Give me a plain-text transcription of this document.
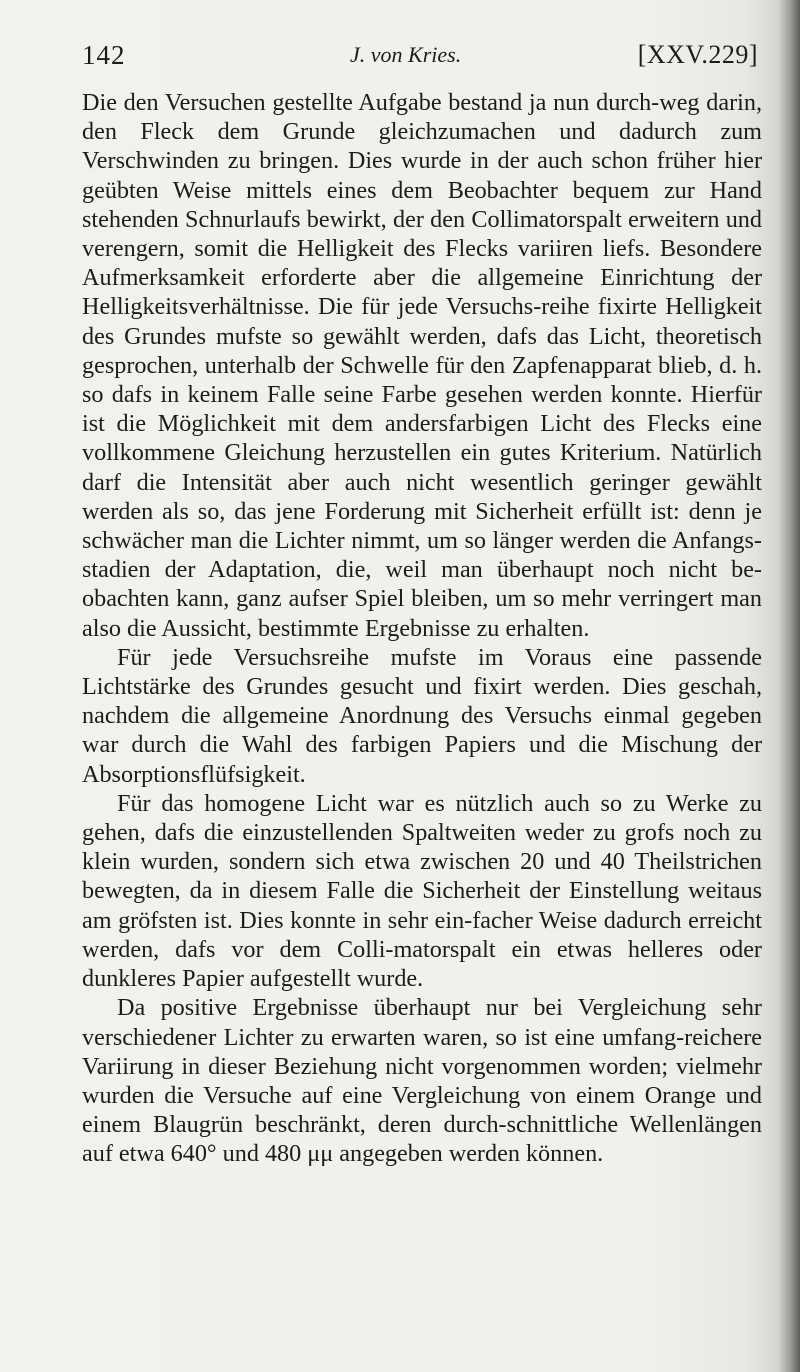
142	J. von Kries.	[XXV.229]

Die den Versuchen gestellte Aufgabe bestand ja nun durch-weg darin, den Fleck dem Grunde gleichzumachen und dadurch zum Verschwinden zu bringen. Dies wurde in der auch schon früher hier geübten Weise mittels eines dem Beobachter bequem zur Hand stehenden Schnurlaufs bewirkt, der den Collimatorspalt erweitern und verengern, somit die Helligkeit des Flecks variiren liefs. Besondere Aufmerksamkeit erforderte aber die allgemeine Einrichtung der Helligkeitsverhältnisse. Die für jede Versuchs-reihe fixirte Helligkeit des Grundes mufste so gewählt werden, dafs das Licht, theoretisch gesprochen, unterhalb der Schwelle für den Zapfenapparat blieb, d. h. so dafs in keinem Falle seine Farbe gesehen werden konnte. Hierfür ist die Möglichkeit mit dem andersfarbigen Licht des Flecks eine vollkommene Gleichung herzustellen ein gutes Kriterium. Natürlich darf die Intensität aber auch nicht wesentlich geringer gewählt werden als so, das jene Forderung mit Sicherheit erfüllt ist: denn je schwächer man die Lichter nimmt, um so länger werden die Anfangs-stadien der Adaptation, die, weil man überhaupt noch nicht be-obachten kann, ganz aufser Spiel bleiben, um so mehr verringert man also die Aussicht, bestimmte Ergebnisse zu erhalten.

Für jede Versuchsreihe mufste im Voraus eine passende Lichtstärke des Grundes gesucht und fixirt werden. Dies geschah, nachdem die allgemeine Anordnung des Versuchs einmal gegeben war durch die Wahl des farbigen Papiers und die Mischung der Absorptionsflüfsigkeit.

Für das homogene Licht war es nützlich auch so zu Werke zu gehen, dafs die einzustellenden Spaltweiten weder zu grofs noch zu klein wurden, sondern sich etwa zwischen 20 und 40 Theilstrichen bewegten, da in diesem Falle die Sicherheit der Einstellung weitaus am gröfsten ist. Dies konnte in sehr ein-facher Weise dadurch erreicht werden, dafs vor dem Colli-matorspalt ein etwas helleres oder dunkleres Papier aufgestellt wurde.

Da positive Ergebnisse überhaupt nur bei Vergleichung sehr verschiedener Lichter zu erwarten waren, so ist eine umfang-reichere Variirung in dieser Beziehung nicht vorgenommen worden; vielmehr wurden die Versuche auf eine Vergleichung von einem Orange und einem Blaugrün beschränkt, deren durch-schnittliche Wellenlängen auf etwa 640° und 480 μμ angegeben werden können.
